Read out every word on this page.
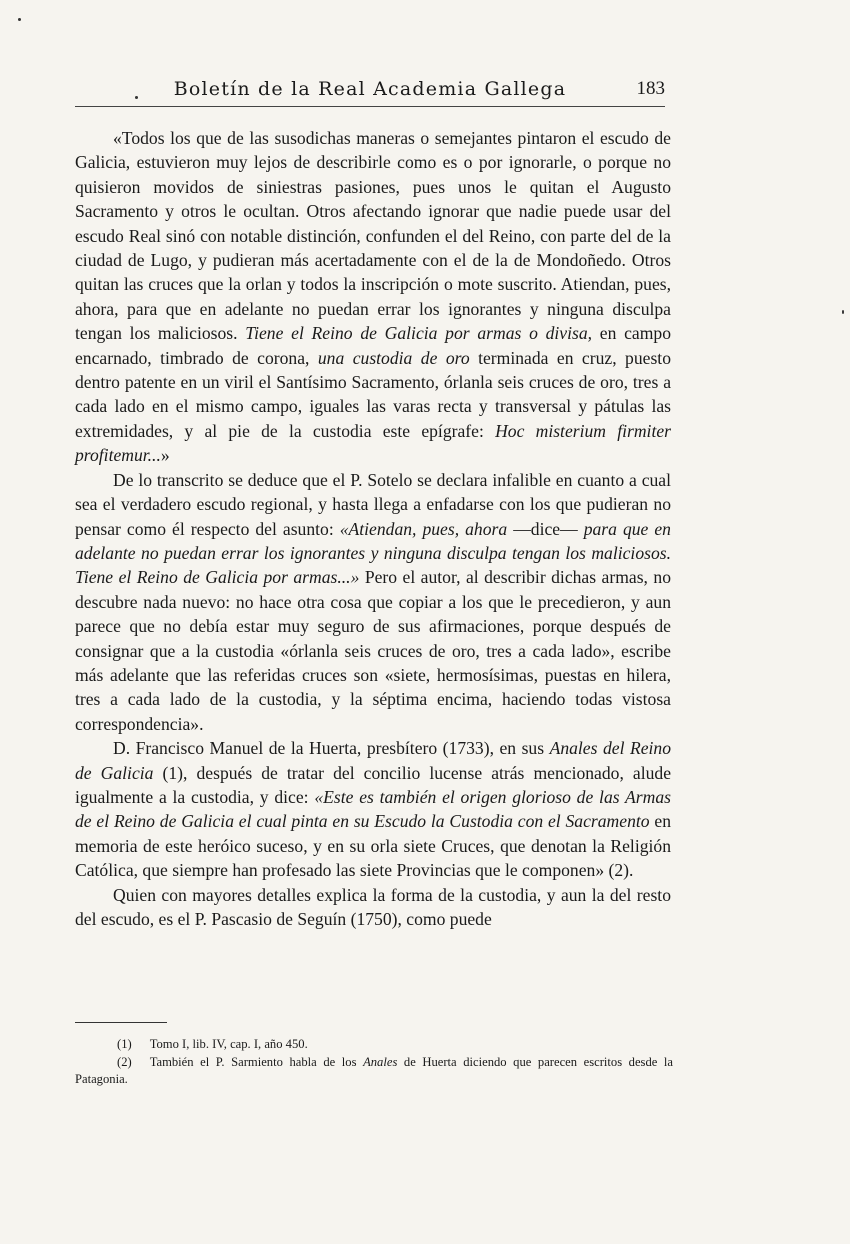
Boletín de la Real Academia Gallega	183

«Todos los que de las susodichas maneras o semejantes pintaron el escudo de Galicia, estuvieron muy lejos de describirle como es o por ignorarle, o porque no quisieron movidos de siniestras pasiones, pues unos le quitan el Augusto Sacramento y otros le ocultan. Otros afectando ignorar que nadie puede usar del escudo Real sinó con notable distinción, confunden el del Reino, con parte del de la ciudad de Lugo, y pudieran más acertadamente con el de la de Mondoñedo. Otros quitan las cruces que la orlan y todos la inscripción o mote suscrito. Atiendan, pues, ahora, para que en adelante no puedan errar los ignorantes y ninguna disculpa tengan los maliciosos. Tiene el Reino de Galicia por armas o divisa, en campo encarnado, timbrado de corona, una custodia de oro terminada en cruz, puesto dentro patente en un viril el Santísimo Sacramento, órlanla seis cruces de oro, tres a cada lado en el mismo campo, iguales las varas recta y transversal y pátulas las extremidades, y al pie de la custodia este epígrafe: Hoc misterium firmiter profitemur...»

De lo transcrito se deduce que el P. Sotelo se declara infalible en cuanto a cual sea el verdadero escudo regional, y hasta llega a enfadarse con los que pudieran no pensar como él respecto del asunto: «Atiendan, pues, ahora —dice— para que en adelante no puedan errar los ignorantes y ninguna disculpa tengan los maliciosos. Tiene el Reino de Galicia por armas...» Pero el autor, al describir dichas armas, no descubre nada nuevo: no hace otra cosa que copiar a los que le precedieron, y aun parece que no debía estar muy seguro de sus afirmaciones, porque después de consignar que a la custodia «órlanla seis cruces de oro, tres a cada lado», escribe más adelante que las referidas cruces son «siete, hermosísimas, puestas en hilera, tres a cada lado de la custodia, y la séptima encima, haciendo todas vistosa correspondencia».

D. Francisco Manuel de la Huerta, presbítero (1733), en sus Anales del Reino de Galicia (1), después de tratar del concilio lucense atrás mencionado, alude igualmente a la custodia, y dice: «Este es también el origen glorioso de las Armas de el Reino de Galicia el cual pinta en su Escudo la Custodia con el Sacramento en memoria de este heróico suceso, y en su orla siete Cruces, que denotan la Religión Católica, que siempre han profesado las siete Provincias que le componen» (2).

Quien con mayores detalles explica la forma de la custodia, y aun la del resto del escudo, es el P. Pascasio de Seguín (1750), como puede

(1) Tomo I, lib. IV, cap. I, año 450.

(2) También el P. Sarmiento habla de los Anales de Huerta diciendo que parecen escritos desde la Patagonia.
